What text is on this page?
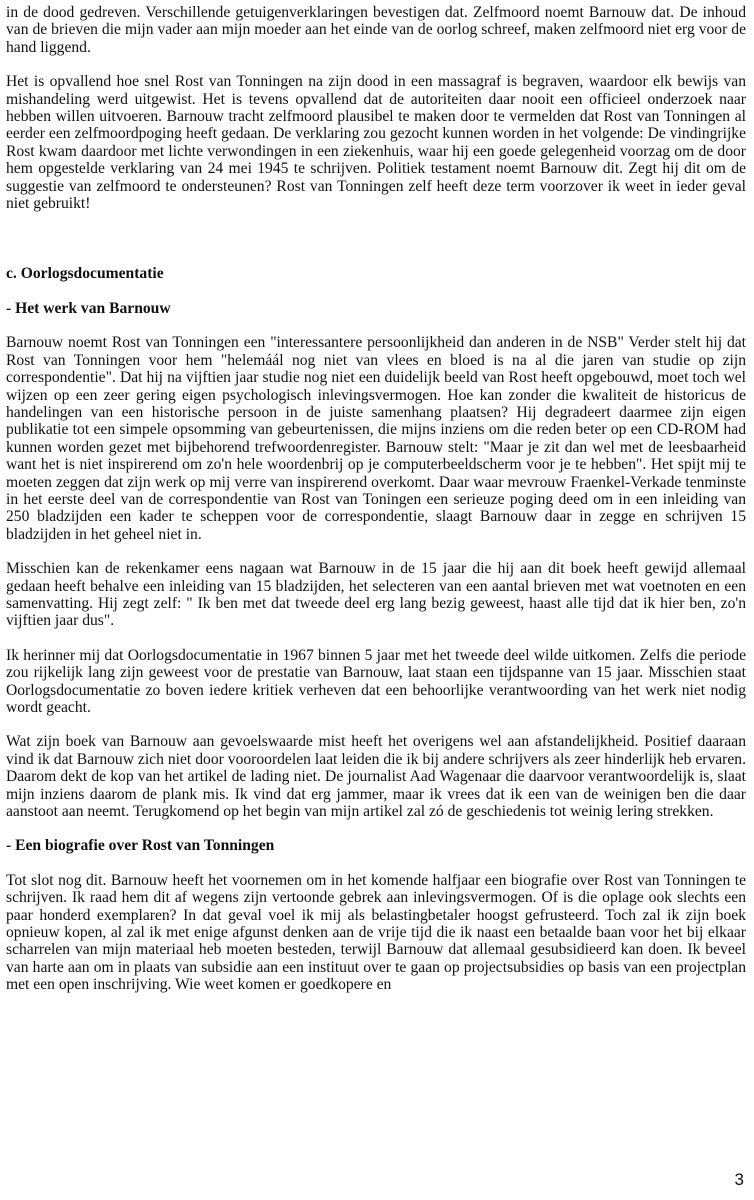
in de dood gedreven. Verschillende getuigenverklaringen bevestigen dat. Zelfmoord noemt Barnouw dat. De inhoud van de brieven die mijn vader aan mijn moeder aan het einde van de oorlog schreef, maken zelfmoord niet erg voor de hand liggend.

Het is opvallend hoe snel Rost van Tonningen na zijn dood in een massagraf is begraven, waardoor elk bewijs van mishandeling werd uitgewist. Het is tevens opvallend dat de autoriteiten daar nooit een officieel onderzoek naar hebben willen uitvoeren. Barnouw tracht zelfmoord plausibel te maken door te vermelden dat Rost van Tonningen al eerder een zelfmoordpoging heeft gedaan. De verklaring zou gezocht kunnen worden in het volgende: De vindingrijke Rost kwam daardoor met lichte verwondingen in een ziekenhuis, waar hij een goede gelegenheid voorzag om de door hem opgestelde verklaring van 24 mei 1945 te schrijven. Politiek testament noemt Barnouw dit. Zegt hij dit om de suggestie van zelfmoord te ondersteunen? Rost van Tonningen zelf heeft deze term voorzover ik weet in ieder geval niet gebruikt!

c. Oorlogsdocumentatie
- Het werk van Barnouw

Barnouw noemt Rost van Tonningen een "interessantere persoonlijkheid dan anderen in de NSB" Verder stelt hij dat Rost van Tonningen voor hem "helemáál nog niet van vlees en bloed is na al die jaren van studie op zijn correspondentie". Dat hij na vijftien jaar studie nog niet een duidelijk beeld van Rost heeft opgebouwd, moet toch wel wijzen op een zeer gering eigen psychologisch inlevingsvermogen. Hoe kan zonder die kwaliteit de historicus de handelingen van een historische persoon in de juiste samenhang plaatsen? Hij degradeert daarmee zijn eigen publikatie tot een simpele opsomming van gebeurtenissen, die mijns inziens om die reden beter op een CD-ROM had kunnen worden gezet met bijbehorend trefwoordenregister. Barnouw stelt: "Maar je zit dan wel met de leesbaarheid want het is niet inspirerend om zo'n hele woordenbrij op je computerbeeldscherm voor je te hebben". Het spijt mij te moeten zeggen dat zijn werk op mij verre van inspirerend overkomt. Daar waar mevrouw Fraenkel-Verkade tenminste in het eerste deel van de correspondentie van Rost van Toningen een serieuze poging deed om in een inleiding van 250 bladzijden een kader te scheppen voor de correspondentie, slaagt Barnouw daar in zegge en schrijven 15 bladzijden in het geheel niet in.

Misschien kan de rekenkamer eens nagaan wat Barnouw in de 15 jaar die hij aan dit boek heeft gewijd allemaal gedaan heeft behalve een inleiding van 15 bladzijden, het selecteren van een aantal brieven met wat voetnoten en een samenvatting. Hij zegt zelf: " Ik ben met dat tweede deel erg lang bezig geweest, haast alle tijd dat ik hier ben, zo'n vijftien jaar dus".

Ik herinner mij dat Oorlogsdocumentatie in 1967 binnen 5 jaar met het tweede deel wilde uitkomen. Zelfs die periode zou rijkelijk lang zijn geweest voor de prestatie van Barnouw, laat staan een tijdspanne van 15 jaar. Misschien staat Oorlogsdocumentatie zo boven iedere kritiek verheven dat een behoorlijke verantwoording van het werk niet nodig wordt geacht.

Wat zijn boek van Barnouw aan gevoelswaarde mist heeft het overigens wel aan afstandelijkheid. Positief daaraan vind ik dat Barnouw zich niet door vooroordelen laat leiden die ik bij andere schrijvers als zeer hinderlijk heb ervaren. Daarom dekt de kop van het artikel de lading niet. De journalist Aad Wagenaar die daarvoor verantwoordelijk is, slaat mijn inziens daarom de plank mis. Ik vind dat erg jammer, maar ik vrees dat ik een van de weinigen ben die daar aanstoot aan neemt. Terugkomend op het begin van mijn artikel zal zó de geschiedenis tot weinig lering strekken.

- Een biografie over Rost van Tonningen

Tot slot nog dit. Barnouw heeft het voornemen om in het komende halfjaar een biografie over Rost van Tonningen te schrijven. Ik raad hem dit af wegens zijn vertoonde gebrek aan inlevingsvermogen. Of is die oplage ook slechts een paar honderd exemplaren? In dat geval voel ik mij als belastingbetaler hoogst gefrusteerd. Toch zal ik zijn boek opnieuw kopen, al zal ik met enige afgunst denken aan de vrije tijd die ik naast een betaalde baan voor het bij elkaar scharrelen van mijn materiaal heb moeten besteden, terwijl Barnouw dat allemaal gesubsidieerd kan doen. Ik beveel van harte aan om in plaats van subsidie aan een instituut over te gaan op projectsubsidies op basis van een projectplan met een open inschrijving. Wie weet komen er goedkopere en

3
